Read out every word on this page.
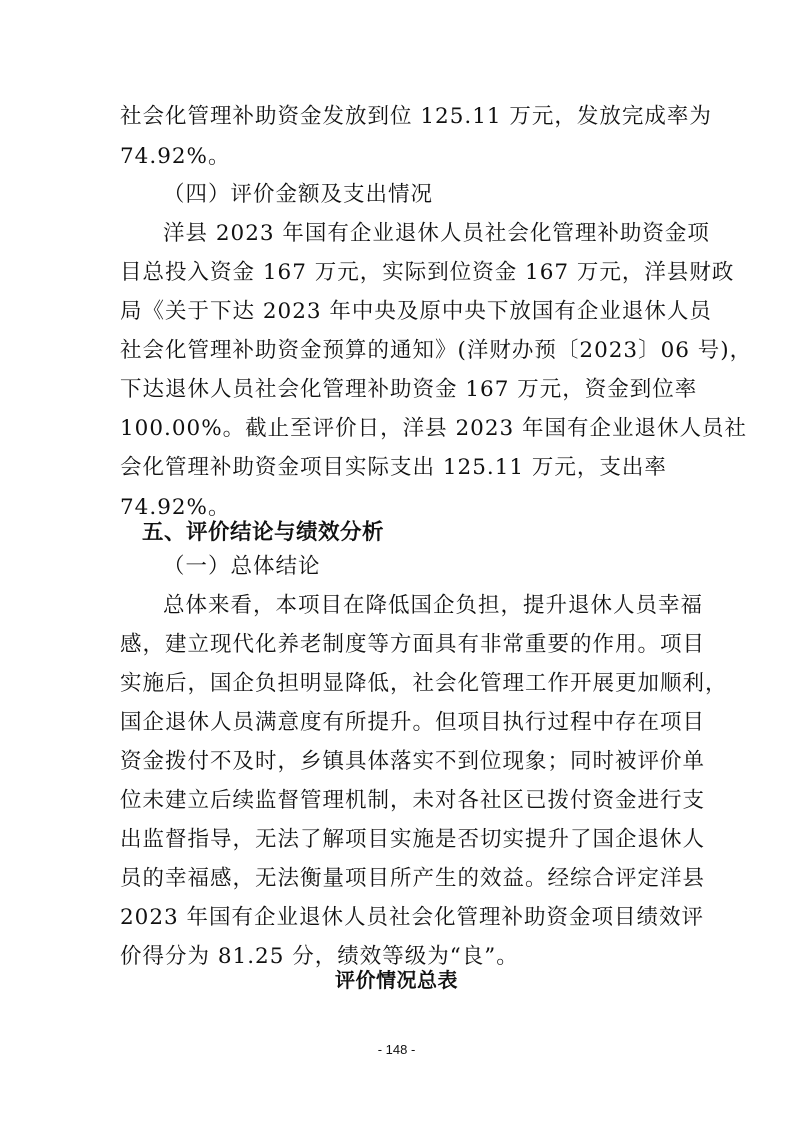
社会化管理补助资金发放到位 125.11 万元，发放完成率为
74.92%。
（四）评价金额及支出情况
洋县 2023 年国有企业退休人员社会化管理补助资金项
目总投入资金 167 万元，实际到位资金 167 万元，洋县财政
局《关于下达 2023 年中央及原中央下放国有企业退休人员
社会化管理补助资金预算的通知》(洋财办预〔2023〕06 号)，
下达退休人员社会化管理补助资金 167 万元，资金到位率
100.00%。截止至评价日，洋县 2023 年国有企业退休人员社
会化管理补助资金项目实际支出 125.11 万元，支出率
74.92%。
五、评价结论与绩效分析
（一）总体结论
总体来看，本项目在降低国企负担，提升退休人员幸福
感，建立现代化养老制度等方面具有非常重要的作用。项目
实施后，国企负担明显降低，社会化管理工作开展更加顺利，
国企退休人员满意度有所提升。但项目执行过程中存在项目
资金拨付不及时，乡镇具体落实不到位现象；同时被评价单
位未建立后续监督管理机制，未对各社区已拨付资金进行支
出监督指导，无法了解项目实施是否切实提升了国企退休人
员的幸福感，无法衡量项目所产生的效益。经综合评定洋县
2023 年国有企业退休人员社会化管理补助资金项目绩效评
价得分为 81.25 分，绩效等级为“良”。
评价情况总表
- 148 -
